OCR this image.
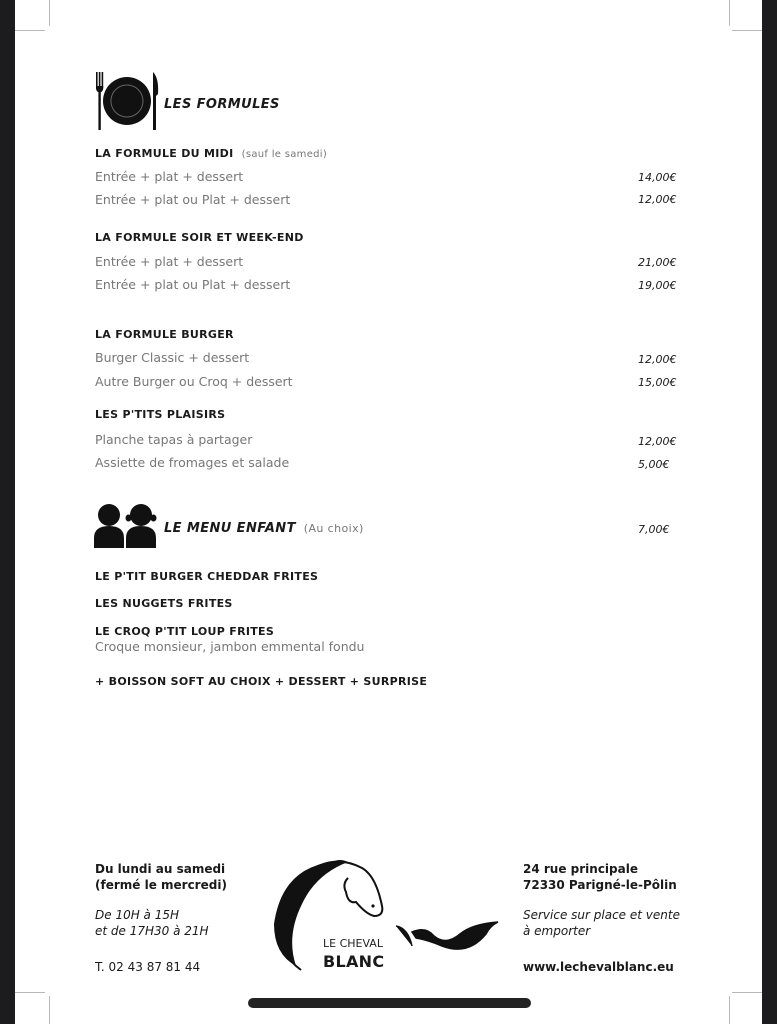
LES FORMULES
LA FORMULE DU MIDI (sauf le samedi)
Entrée + plat + dessert	14,00€
Entrée + plat ou Plat + dessert	12,00€
LA FORMULE SOIR ET WEEK-END
Entrée + plat + dessert	21,00€
Entrée + plat ou Plat + dessert	19,00€
LA FORMULE BURGER
Burger Classic + dessert	12,00€
Autre Burger ou Croq + dessert	15,00€
LES P'TITS PLAISIRS
Planche tapas à partager	12,00€
Assiette de fromages et salade	5,00€
LE MENU ENFANT (Au choix)	7,00€
LE P'TIT BURGER CHEDDAR FRITES
LES NUGGETS FRITES
LE CROQ P'TIT LOUP FRITES
Croque monsieur, jambon emmental fondu
+ BOISSON SOFT AU CHOIX + DESSERT + SURPRISE
Du lundi au samedi
(fermé le mercredi)
De 10H à 15H
et de 17H30 à 21H
T. 02 43 87 81 44
LE CHEVAL
BLANC
24 rue principale
72330 Parigné-le-Pôlin
Service sur place et vente
à emporter
www.lechevalblanc.eu
